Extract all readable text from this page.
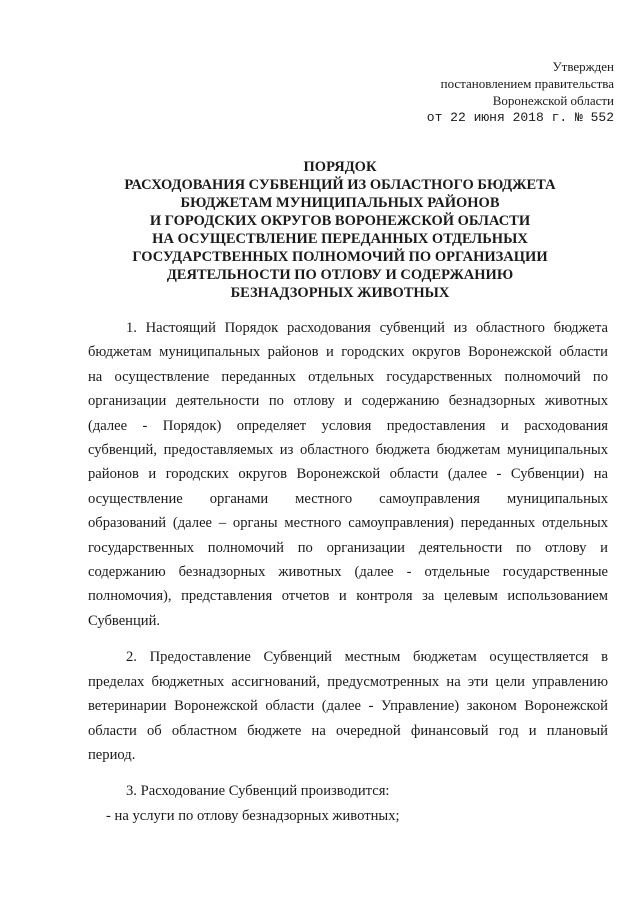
Утвержден
постановлением правительства
Воронежской области
от 22 июня 2018 г. № 552
ПОРЯДОК
РАСХОДОВАНИЯ СУБВЕНЦИЙ ИЗ ОБЛАСТНОГО БЮДЖЕТА
БЮДЖЕТАМ МУНИЦИПАЛЬНЫХ РАЙОНОВ
И ГОРОДСКИХ ОКРУГОВ ВОРОНЕЖСКОЙ ОБЛАСТИ
НА ОСУЩЕСТВЛЕНИЕ ПЕРЕДАННЫХ ОТДЕЛЬНЫХ
ГОСУДАРСТВЕННЫХ ПОЛНОМОЧИЙ ПО ОРГАНИЗАЦИИ
ДЕЯТЕЛЬНОСТИ ПО ОТЛОВУ И СОДЕРЖАНИЮ
БЕЗНАДЗОРНЫХ ЖИВОТНЫХ
1. Настоящий Порядок расходования субвенций из областного бюджета
бюджетам муниципальных районов и городских округов Воронежской области
на осуществление переданных отдельных государственных полномочий по
организации деятельности по отлову и содержанию безнадзорных животных
(далее - Порядок) определяет условия предоставления и расходования
субвенций, предоставляемых из областного бюджета бюджетам муниципальных
районов и городских округов Воронежской области (далее - Субвенции) на
осуществление органами местного самоуправления муниципальных
образований (далее – органы местного самоуправления) переданных отдельных
государственных полномочий по организации деятельности по отлову и
содержанию безнадзорных животных (далее - отдельные государственные
полномочия), представления отчетов и контроля за целевым использованием
Субвенций.
2. Предоставление Субвенций местным бюджетам осуществляется в
пределах бюджетных ассигнований, предусмотренных на эти цели управлению
ветеринарии Воронежской области (далее - Управление) законом Воронежской
области об областном бюджете на очередной финансовый год и плановый
период.
3. Расходование Субвенций производится:
- на услуги по отлову безнадзорных животных;
